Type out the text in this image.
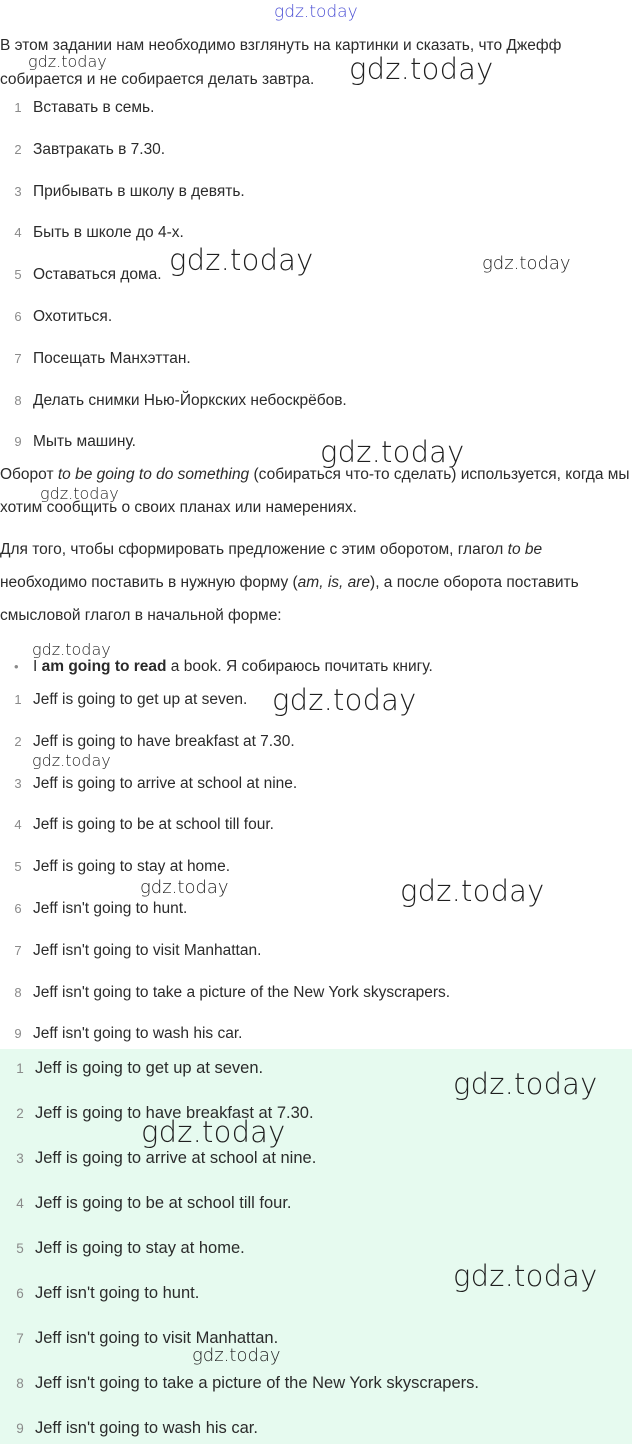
В этом задании нам необходимо взглянуть на картинки и сказать, что Джефф собирается и не собирается делать завтра.
1 Вставать в семь.
2 Завтракать в 7.30.
3 Прибывать в школу в девять.
4 Быть в школе до 4-х.
5 Оставаться дома.
6 Охотиться.
7 Посещать Манхэттан.
8 Делать снимки Нью-Йоркских небоскрёбов.
9 Мыть машину.
Оборот to be going to do something (собираться что-то сделать) используется, когда мы хотим сообщить о своих планах или намерениях.
Для того, чтобы сформировать предложение с этим оборотом, глагол to be необходимо поставить в нужную форму (am, is, are), а после оборота поставить смысловой глагол в начальной форме:
• I am going to read a book. Я собираюсь почитать книгу.
1 Jeff is going to get up at seven.
2 Jeff is going to have breakfast at 7.30.
3 Jeff is going to arrive at school at nine.
4 Jeff is going to be at school till four.
5 Jeff is going to stay at home.
6 Jeff isn't going to hunt.
7 Jeff isn't going to visit Manhattan.
8 Jeff isn't going to take a picture of the New York skyscrapers.
9 Jeff isn't going to wash his car.
1 Jeff is going to get up at seven.
2 Jeff is going to have breakfast at 7.30.
3 Jeff is going to arrive at school at nine.
4 Jeff is going to be at school till four.
5 Jeff is going to stay at home.
6 Jeff isn't going to hunt.
7 Jeff isn't going to visit Manhattan.
8 Jeff isn't going to take a picture of the New York skyscrapers.
9 Jeff isn't going to wash his car.
gdz.today
gdz.today	gdz.today
gdz.today	gdz.today
gdz.today
gdz.today
gdz.today
gdz.today
gdz.today
gdz.today	gdz.today
gdz.today
gdz.today
gdz.today
gdz.today
